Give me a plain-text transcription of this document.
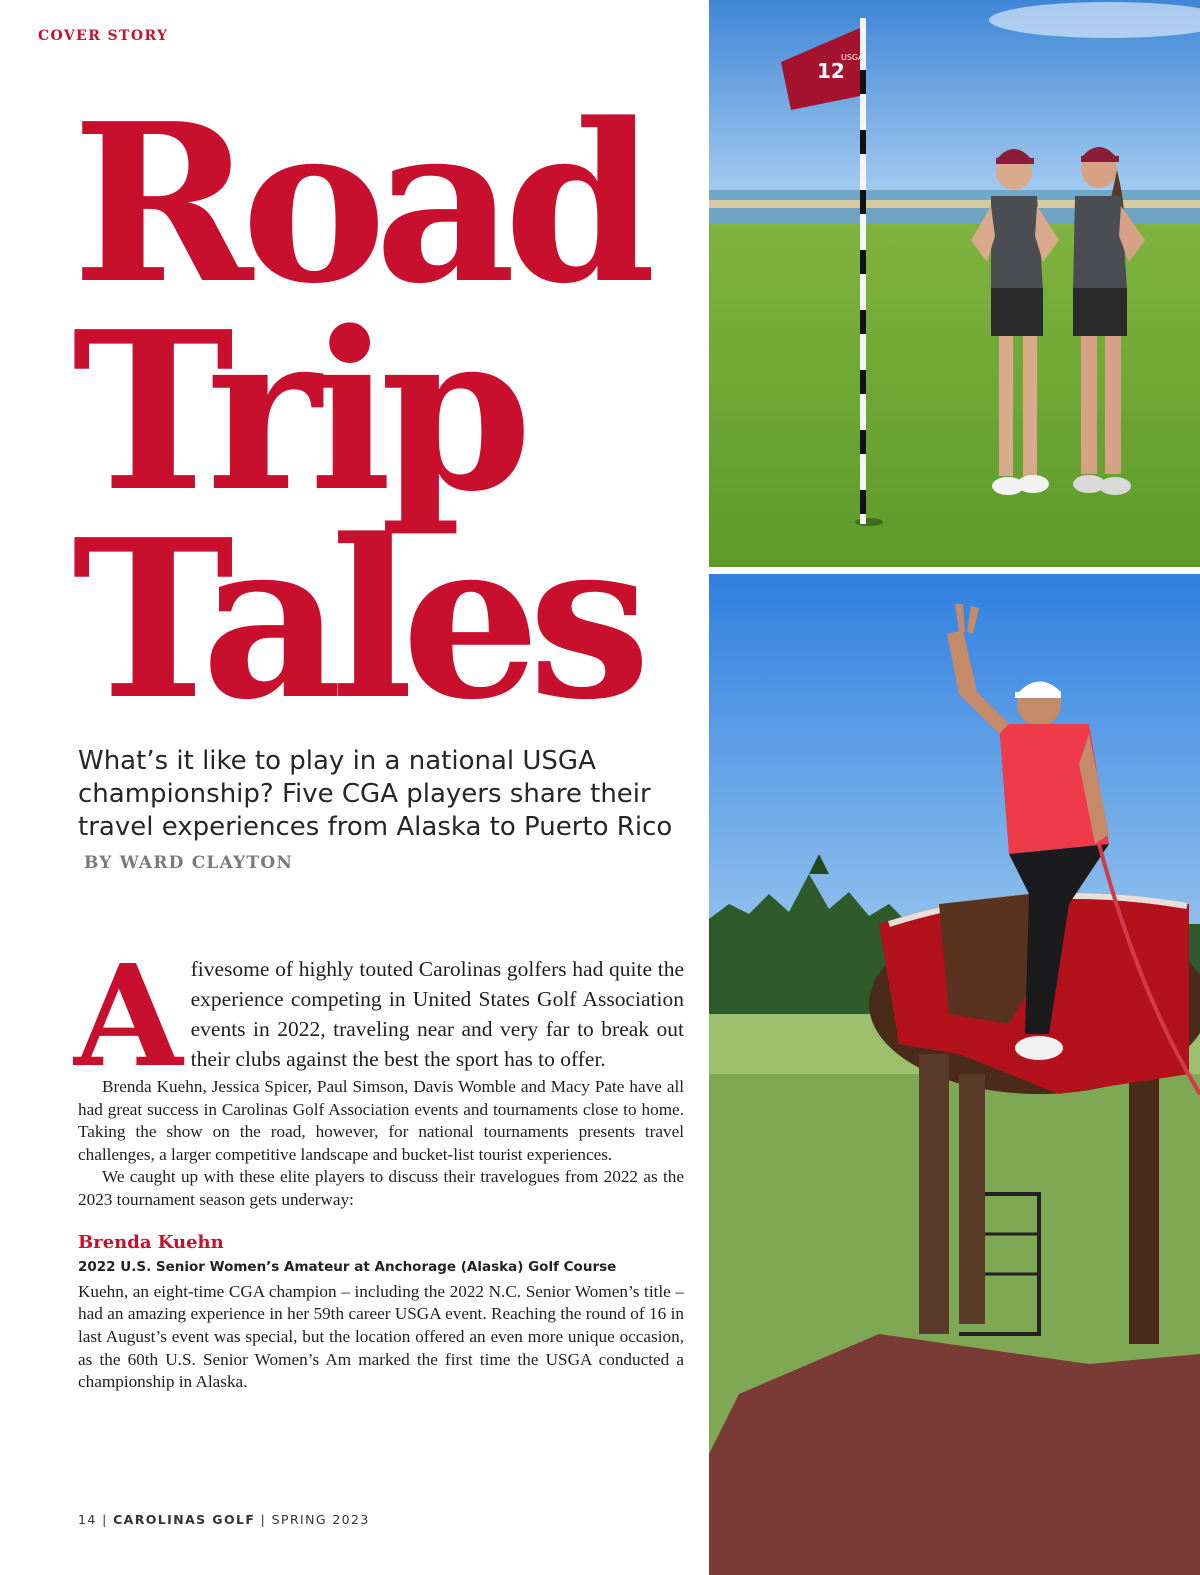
COVER STORY
Road
Trip
Tales
What’s it like to play in a national USGA championship? Five CGA players share their travel experiences from Alaska to Puerto Rico BY WARD CLAYTON
A fivesome of highly touted Carolinas golfers had quite the experience competing in United States Golf Association events in 2022, traveling near and very far to break out their clubs against the best the sport has to offer.

Brenda Kuehn, Jessica Spicer, Paul Simson, Davis Womble and Macy Pate have all had great success in Carolinas Golf Association events and tournaments close to home. Taking the show on the road, however, for national tournaments presents travel challenges, a larger competitive landscape and bucket-list tourist experiences.

We caught up with these elite players to discuss their travelogues from 2022 as the 2023 tournament season gets underway:

Brenda Kuehn
2022 U.S. Senior Women’s Amateur at Anchorage (Alaska) Golf Course

Kuehn, an eight-time CGA champion – including the 2022 N.C. Senior Women’s title – had an amazing experience in her 59th career USGA event. Reaching the round of 16 in last August’s event was special, but the location offered an even more unique occasion, as the 60th U.S. Senior Women’s Am marked the first time the USGA conducted a championship in Alaska.

14 | CAROLINAS GOLF | SPRING 2023
12
USGA
